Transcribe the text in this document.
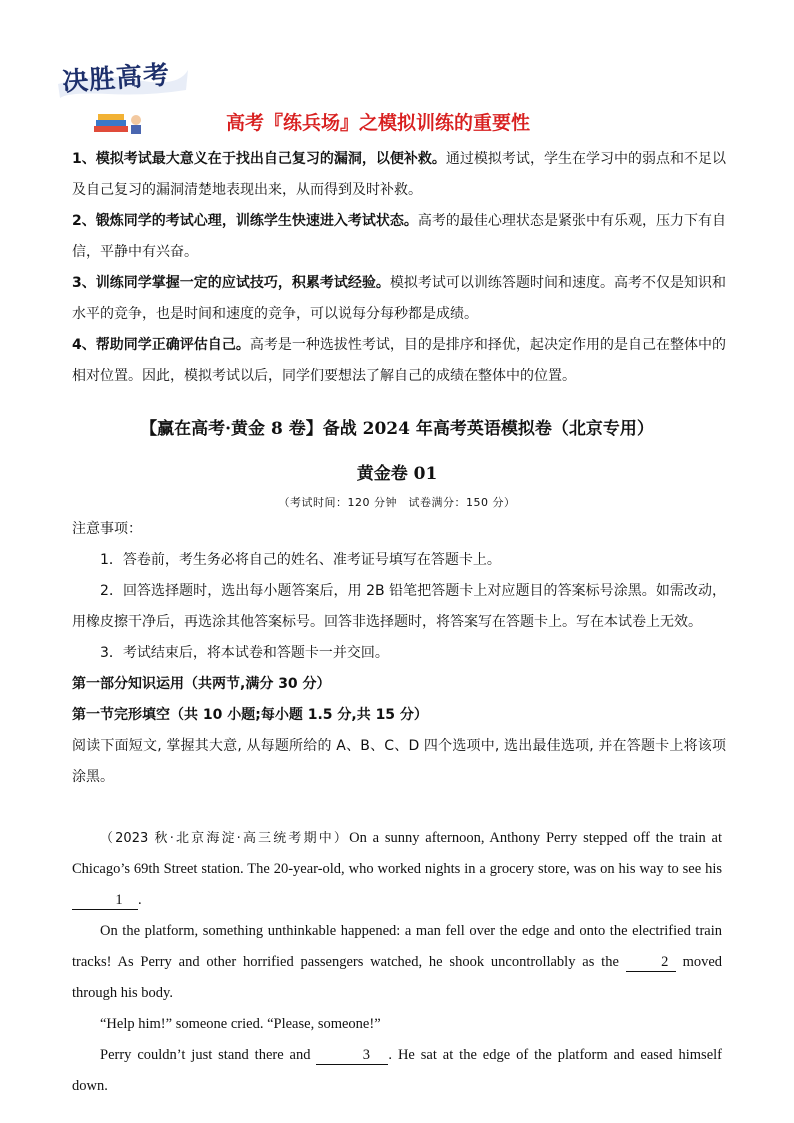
决胜高考
高考『练兵场』之模拟训练的重要性

1、模拟考试最大意义在于找出自己复习的漏洞，以便补救。通过模拟考试，学生在学习中的弱点和不足以及自己复习的漏洞清楚地表现出来，从而得到及时补救。

2、锻炼同学的考试心理，训练学生快速进入考试状态。高考的最佳心理状态是紧张中有乐观，压力下有自信，平静中有兴奋。

3、训练同学掌握一定的应试技巧，积累考试经验。模拟考试可以训练答题时间和速度。高考不仅是知识和水平的竞争，也是时间和速度的竞争，可以说每分每秒都是成绩。

4、帮助同学正确评估自己。高考是一种选拔性考试，目的是排序和择优，起决定作用的是自己在整体中的相对位置。因此，模拟考试以后，同学们要想法了解自己的成绩在整体中的位置。

【赢在高考·黄金 8 卷】备战 2024 年高考英语模拟卷（北京专用）
黄金卷 01
（考试时间：120 分钟　试卷满分：150 分）

注意事项：

1．答卷前，考生务必将自己的姓名、准考证号填写在答题卡上。

2．回答选择题时，选出每小题答案后，用 2B 铅笔把答题卡上对应题目的答案标号涂黑。如需改动，用橡皮擦干净后，再选涂其他答案标号。回答非选择题时，将答案写在答题卡上。写在本试卷上无效。

3．考试结束后，将本试卷和答题卡一并交回。

第一部分知识运用（共两节,满分 30 分）

第一节完形填空（共 10 小题;每小题 1.5 分,共 15 分）

阅读下面短文, 掌握其大意, 从每题所给的 A、B、C、D 四个选项中, 选出最佳选项, 并在答题卡上将该项涂黑。

（2023 秋·北京海淀·高三统考期中）On a sunny afternoon, Anthony Perry stepped off the train at Chicago’s 69th Street station. The 20-year-old, who worked nights in a grocery store, was on his way to see his 1 .

On the platform, something unthinkable happened: a man fell over the edge and onto the electrified train tracks! As Perry and other horrified passengers watched, he shook uncontrollably as the	2 moved through his body.

“Help him!” someone cried. “Please, someone!”

Perry couldn’t just stand there and	3 . He sat at the edge of the platform and eased himself down.
